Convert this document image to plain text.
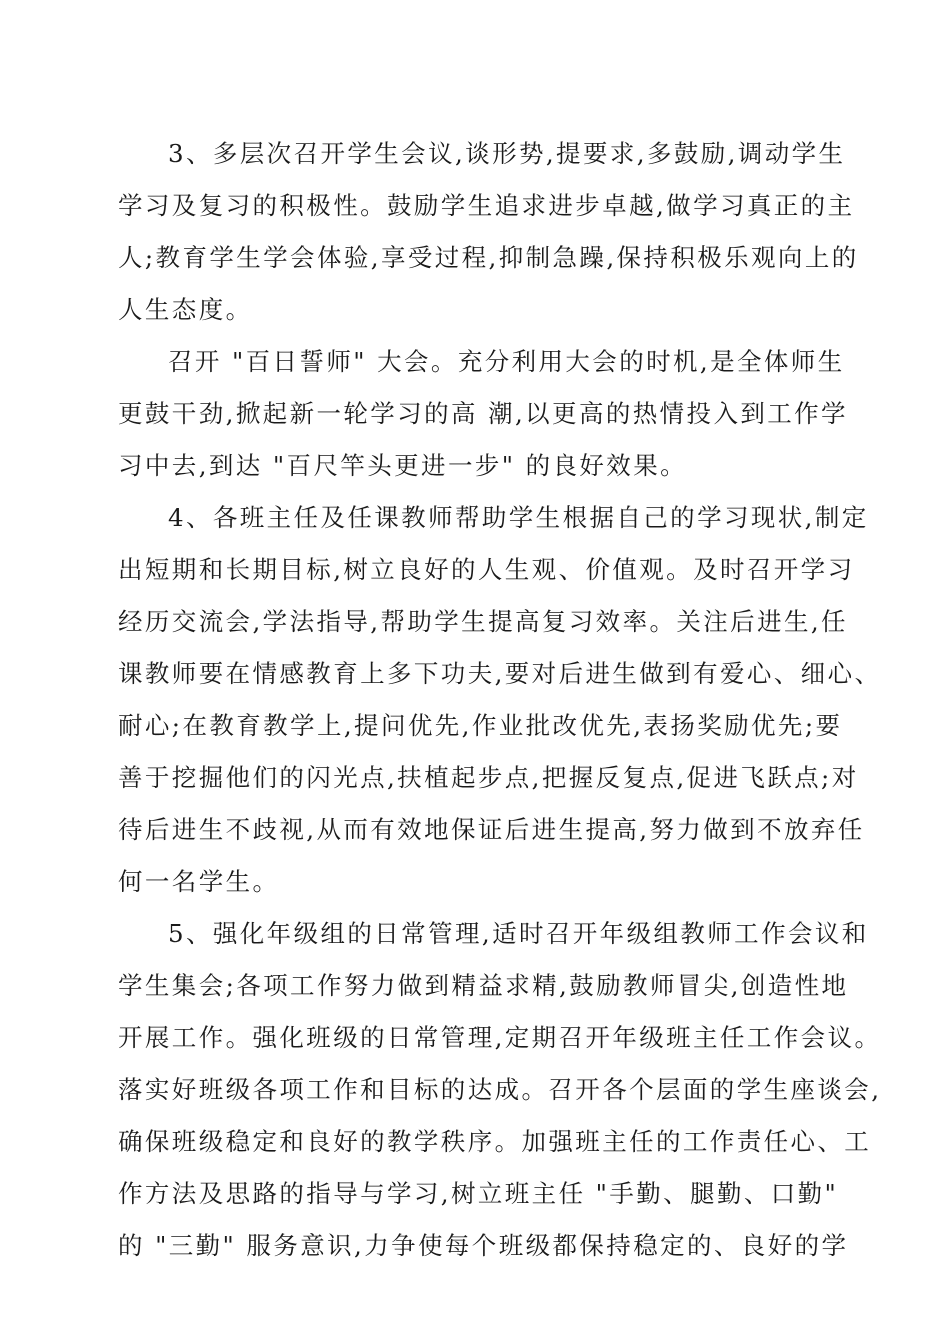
3、多层次召开学生会议,谈形势,提要求,多鼓励,调动学生
学习及复习的积极性。鼓励学生追求进步卓越,做学习真正的主
人;教育学生学会体验,享受过程,抑制急躁,保持积极乐观向上的
人生态度。
召开 "百日誓师" 大会。充分利用大会的时机,是全体师生
更鼓干劲,掀起新一轮学习的高 潮,以更高的热情投入到工作学
习中去,到达 "百尺竿头更进一步" 的良好效果。
4、各班主任及任课教师帮助学生根据自己的学习现状,制定
出短期和长期目标,树立良好的人生观、价值观。及时召开学习
经历交流会,学法指导,帮助学生提高复习效率。关注后进生,任
课教师要在情感教育上多下功夫,要对后进生做到有爱心、细心、
耐心;在教育教学上,提问优先,作业批改优先,表扬奖励优先;要
善于挖掘他们的闪光点,扶植起步点,把握反复点,促进飞跃点;对
待后进生不歧视,从而有效地保证后进生提高,努力做到不放弃任
何一名学生。
5、强化年级组的日常管理,适时召开年级组教师工作会议和
学生集会;各项工作努力做到精益求精,鼓励教师冒尖,创造性地
开展工作。强化班级的日常管理,定期召开年级班主任工作会议。
落实好班级各项工作和目标的达成。召开各个层面的学生座谈会,
确保班级稳定和良好的教学秩序。加强班主任的工作责任心、工
作方法及思路的指导与学习,树立班主任 "手勤、腿勤、口勤"
的 "三勤" 服务意识,力争使每个班级都保持稳定的、良好的学
